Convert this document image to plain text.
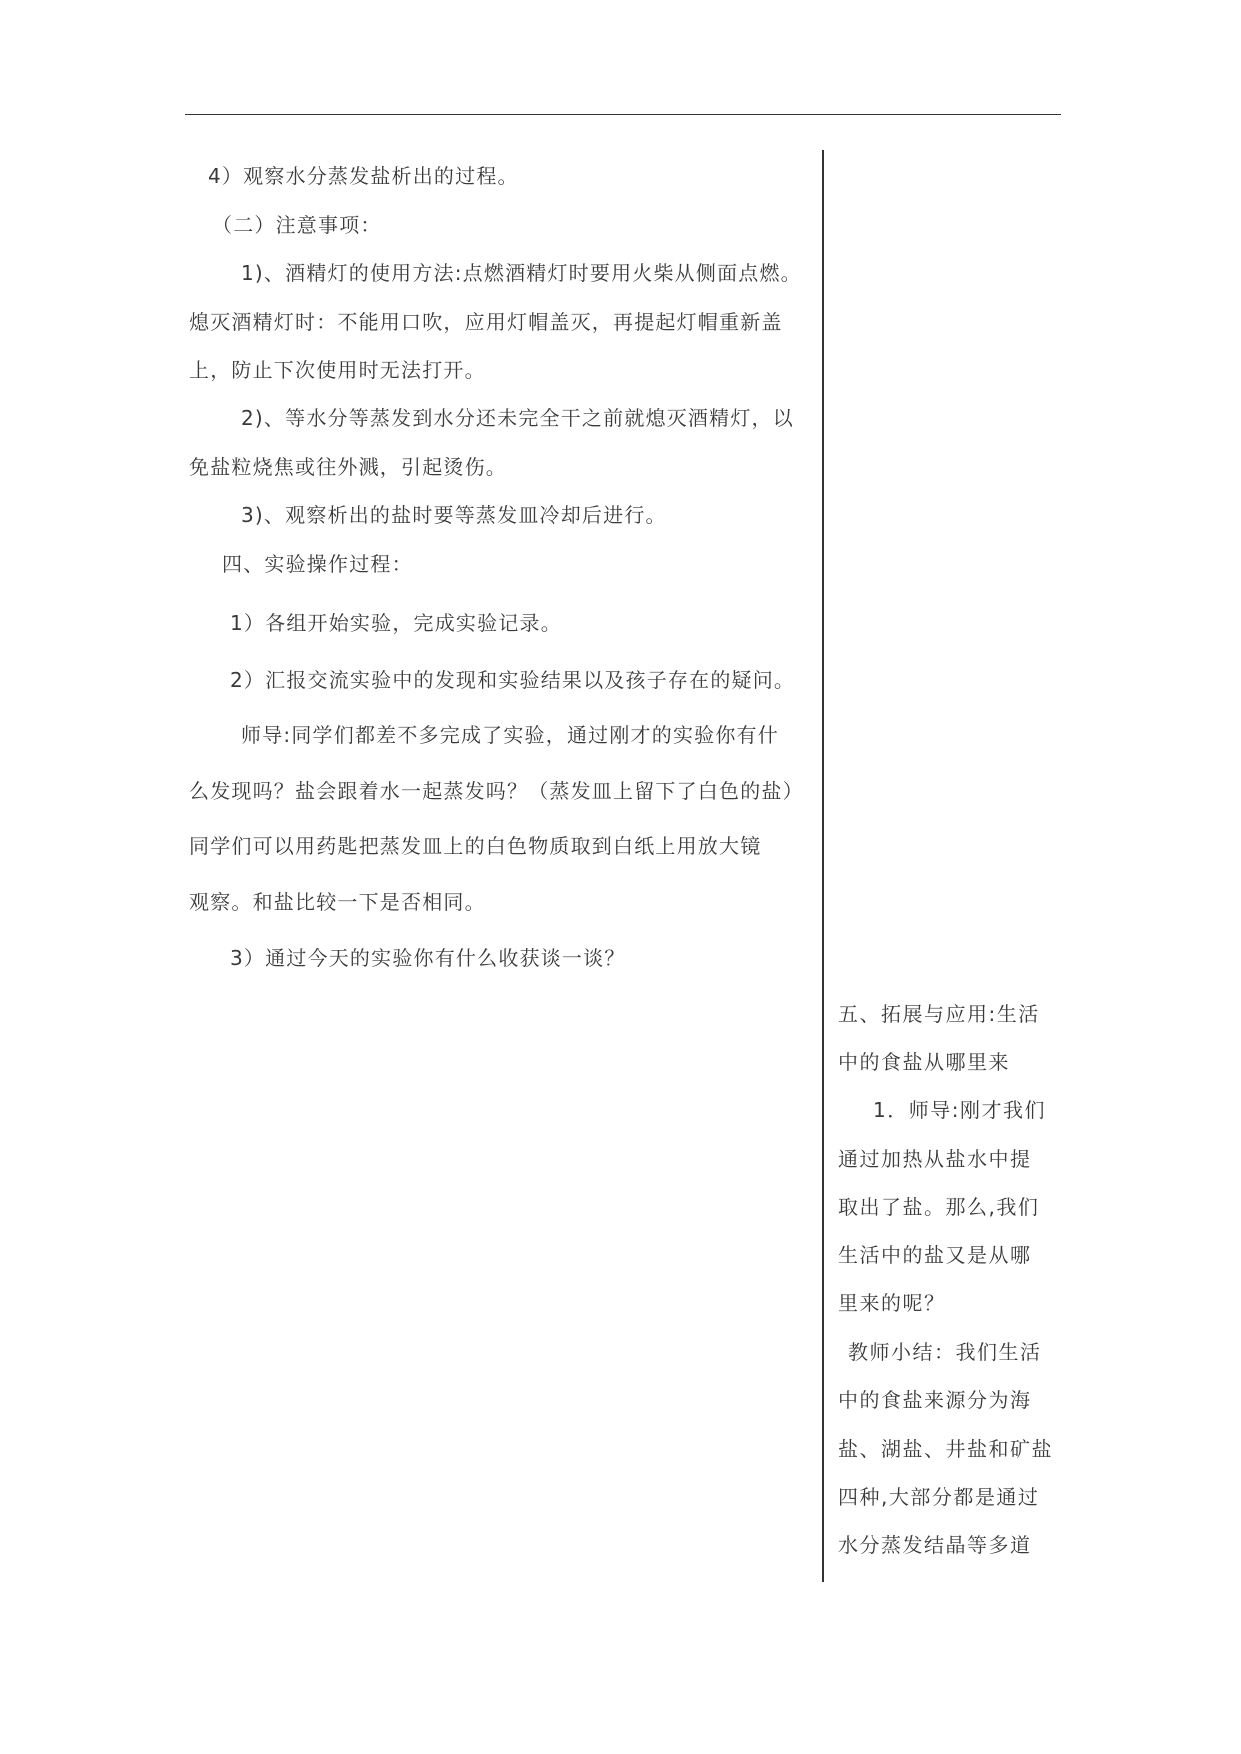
4）观察水分蒸发盐析出的过程。
（二）注意事项：
1)、酒精灯的使用方法:点燃酒精灯时要用火柴从侧面点燃。
熄灭酒精灯时：不能用口吹，应用灯帽盖灭，再提起灯帽重新盖
上，防止下次使用时无法打开。
2)、等水分等蒸发到水分还未完全干之前就熄灭酒精灯，以
免盐粒烧焦或往外溅，引起烫伤。
3)、观察析出的盐时要等蒸发皿冷却后进行。
四、实验操作过程：
1）各组开始实验，完成实验记录。
2）汇报交流实验中的发现和实验结果以及孩子存在的疑问。
师导:同学们都差不多完成了实验，通过刚才的实验你有什
么发现吗？盐会跟着水一起蒸发吗？（蒸发皿上留下了白色的盐）
同学们可以用药匙把蒸发皿上的白色物质取到白纸上用放大镜
观察。和盐比较一下是否相同。
3）通过今天的实验你有什么收获谈一谈？
五、拓展与应用:生活
中的食盐从哪里来
1．师导:刚才我们
通过加热从盐水中提
取出了盐。那么,我们
生活中的盐又是从哪
里来的呢？
教师小结：我们生活
中的食盐来源分为海
盐、湖盐、井盐和矿盐
四种,大部分都是通过
水分蒸发结晶等多道
